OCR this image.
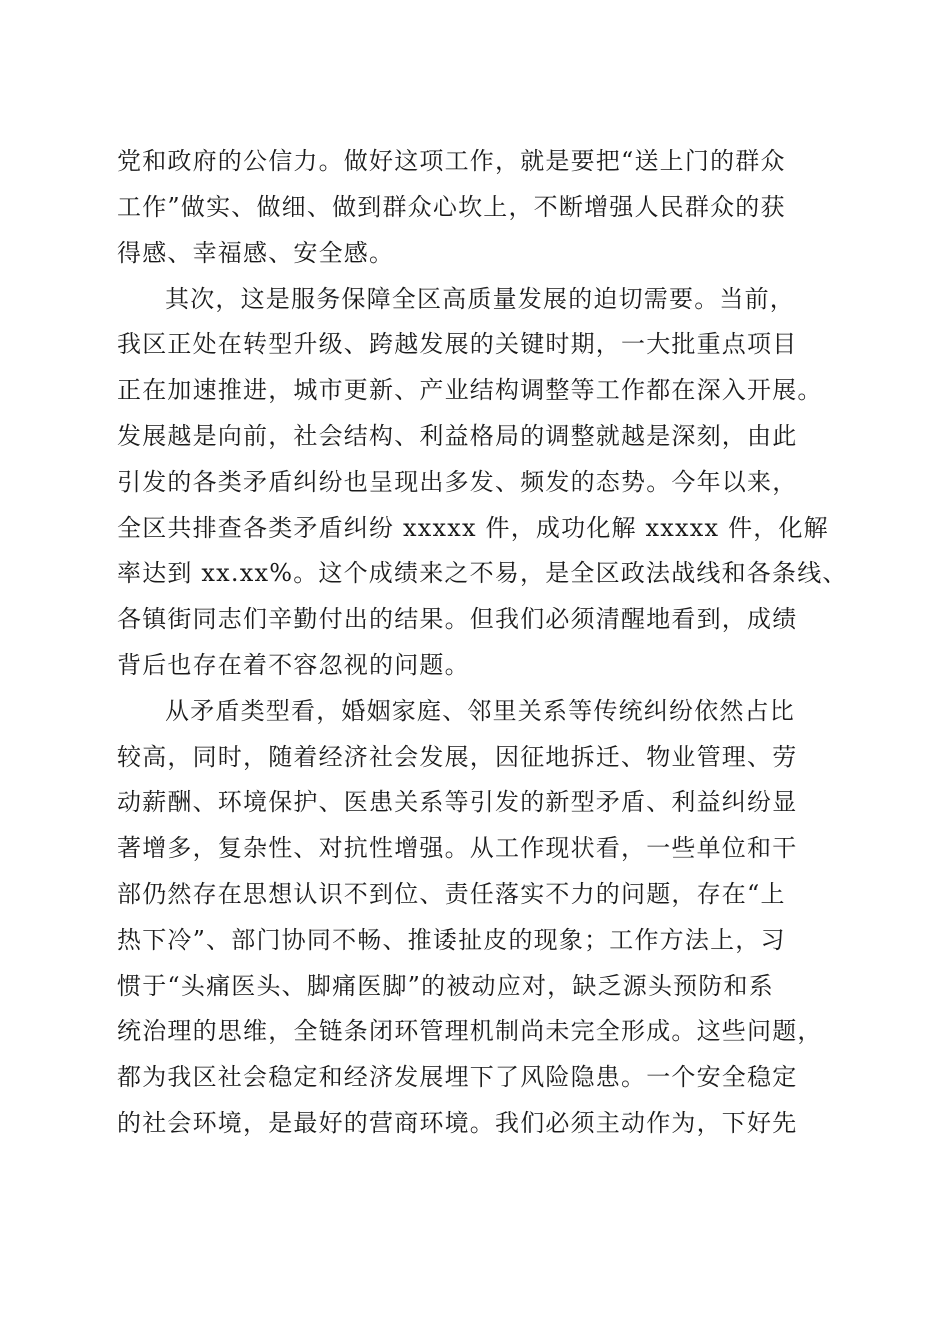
党和政府的公信力。做好这项工作，就是要把“送上门的群众
工作”做实、做细、做到群众心坎上，不断增强人民群众的获
得感、幸福感、安全感。
其次，这是服务保障全区高质量发展的迫切需要。当前，
我区正处在转型升级、跨越发展的关键时期，一大批重点项目
正在加速推进，城市更新、产业结构调整等工作都在深入开展。
发展越是向前，社会结构、利益格局的调整就越是深刻，由此
引发的各类矛盾纠纷也呈现出多发、频发的态势。今年以来，
全区共排查各类矛盾纠纷 xxxxx 件，成功化解 xxxxx 件，化解
率达到 xx.xx%。这个成绩来之不易，是全区政法战线和各条线、
各镇街同志们辛勤付出的结果。但我们必须清醒地看到，成绩
背后也存在着不容忽视的问题。
从矛盾类型看，婚姻家庭、邻里关系等传统纠纷依然占比
较高，同时，随着经济社会发展，因征地拆迁、物业管理、劳
动薪酬、环境保护、医患关系等引发的新型矛盾、利益纠纷显
著增多，复杂性、对抗性增强。从工作现状看，一些单位和干
部仍然存在思想认识不到位、责任落实不力的问题，存在“上
热下冷”、部门协同不畅、推诿扯皮的现象；工作方法上，习
惯于“头痛医头、脚痛医脚”的被动应对，缺乏源头预防和系
统治理的思维，全链条闭环管理机制尚未完全形成。这些问题，
都为我区社会稳定和经济发展埋下了风险隐患。一个安全稳定
的社会环境，是最好的营商环境。我们必须主动作为，下好先
